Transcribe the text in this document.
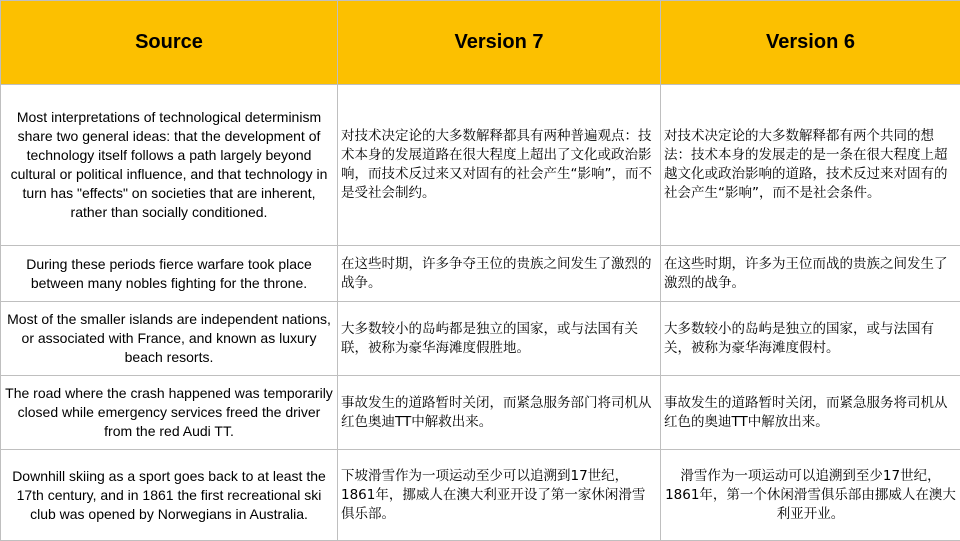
Source	Version 7	Version 6
Most interpretations of technological determinism share two general ideas: that the development of technology itself follows a path largely beyond cultural or political influence, and that technology in turn has "effects" on societies that are inherent, rather than socially conditioned.	对技术决定论的大多数解释都具有两种普遍观点：技术本身的发展道路在很大程度上超出了文化或政治影响，而技术反过来又对固有的社会产生“影响”，而不是受社会制约。	对技术决定论的大多数解释都有两个共同的想法：技术本身的发展走的是一条在很大程度上超越文化或政治影响的道路，技术反过来对固有的社会产生“影响”，而不是社会条件。
During these periods fierce warfare took place between many nobles fighting for the throne.	在这些时期，许多争夺王位的贵族之间发生了激烈的战争。	在这些时期，许多为王位而战的贵族之间发生了激烈的战争。
Most of the smaller islands are independent nations, or associated with France, and known as luxury beach resorts.	大多数较小的岛屿都是独立的国家，或与法国有关联，被称为豪华海滩度假胜地。	大多数较小的岛屿是独立的国家，或与法国有关，被称为豪华海滩度假村。
The road where the crash happened was temporarily closed while emergency services freed the driver from the red Audi TT.	事故发生的道路暂时关闭，而紧急服务部门将司机从红色奥迪TT中解救出来。	事故发生的道路暂时关闭，而紧急服务将司机从红色的奥迪TT中解放出来。
Downhill skiing as a sport goes back to at least the 17th century, and in 1861 the first recreational ski club was opened by Norwegians in Australia.	下坡滑雪作为一项运动至少可以追溯到17世纪，1861年，挪威人在澳大利亚开设了第一家休闲滑雪俱乐部。	滑雪作为一项运动可以追溯到至少17世纪，1861年，第一个休闲滑雪俱乐部由挪威人在澳大利亚开业。
